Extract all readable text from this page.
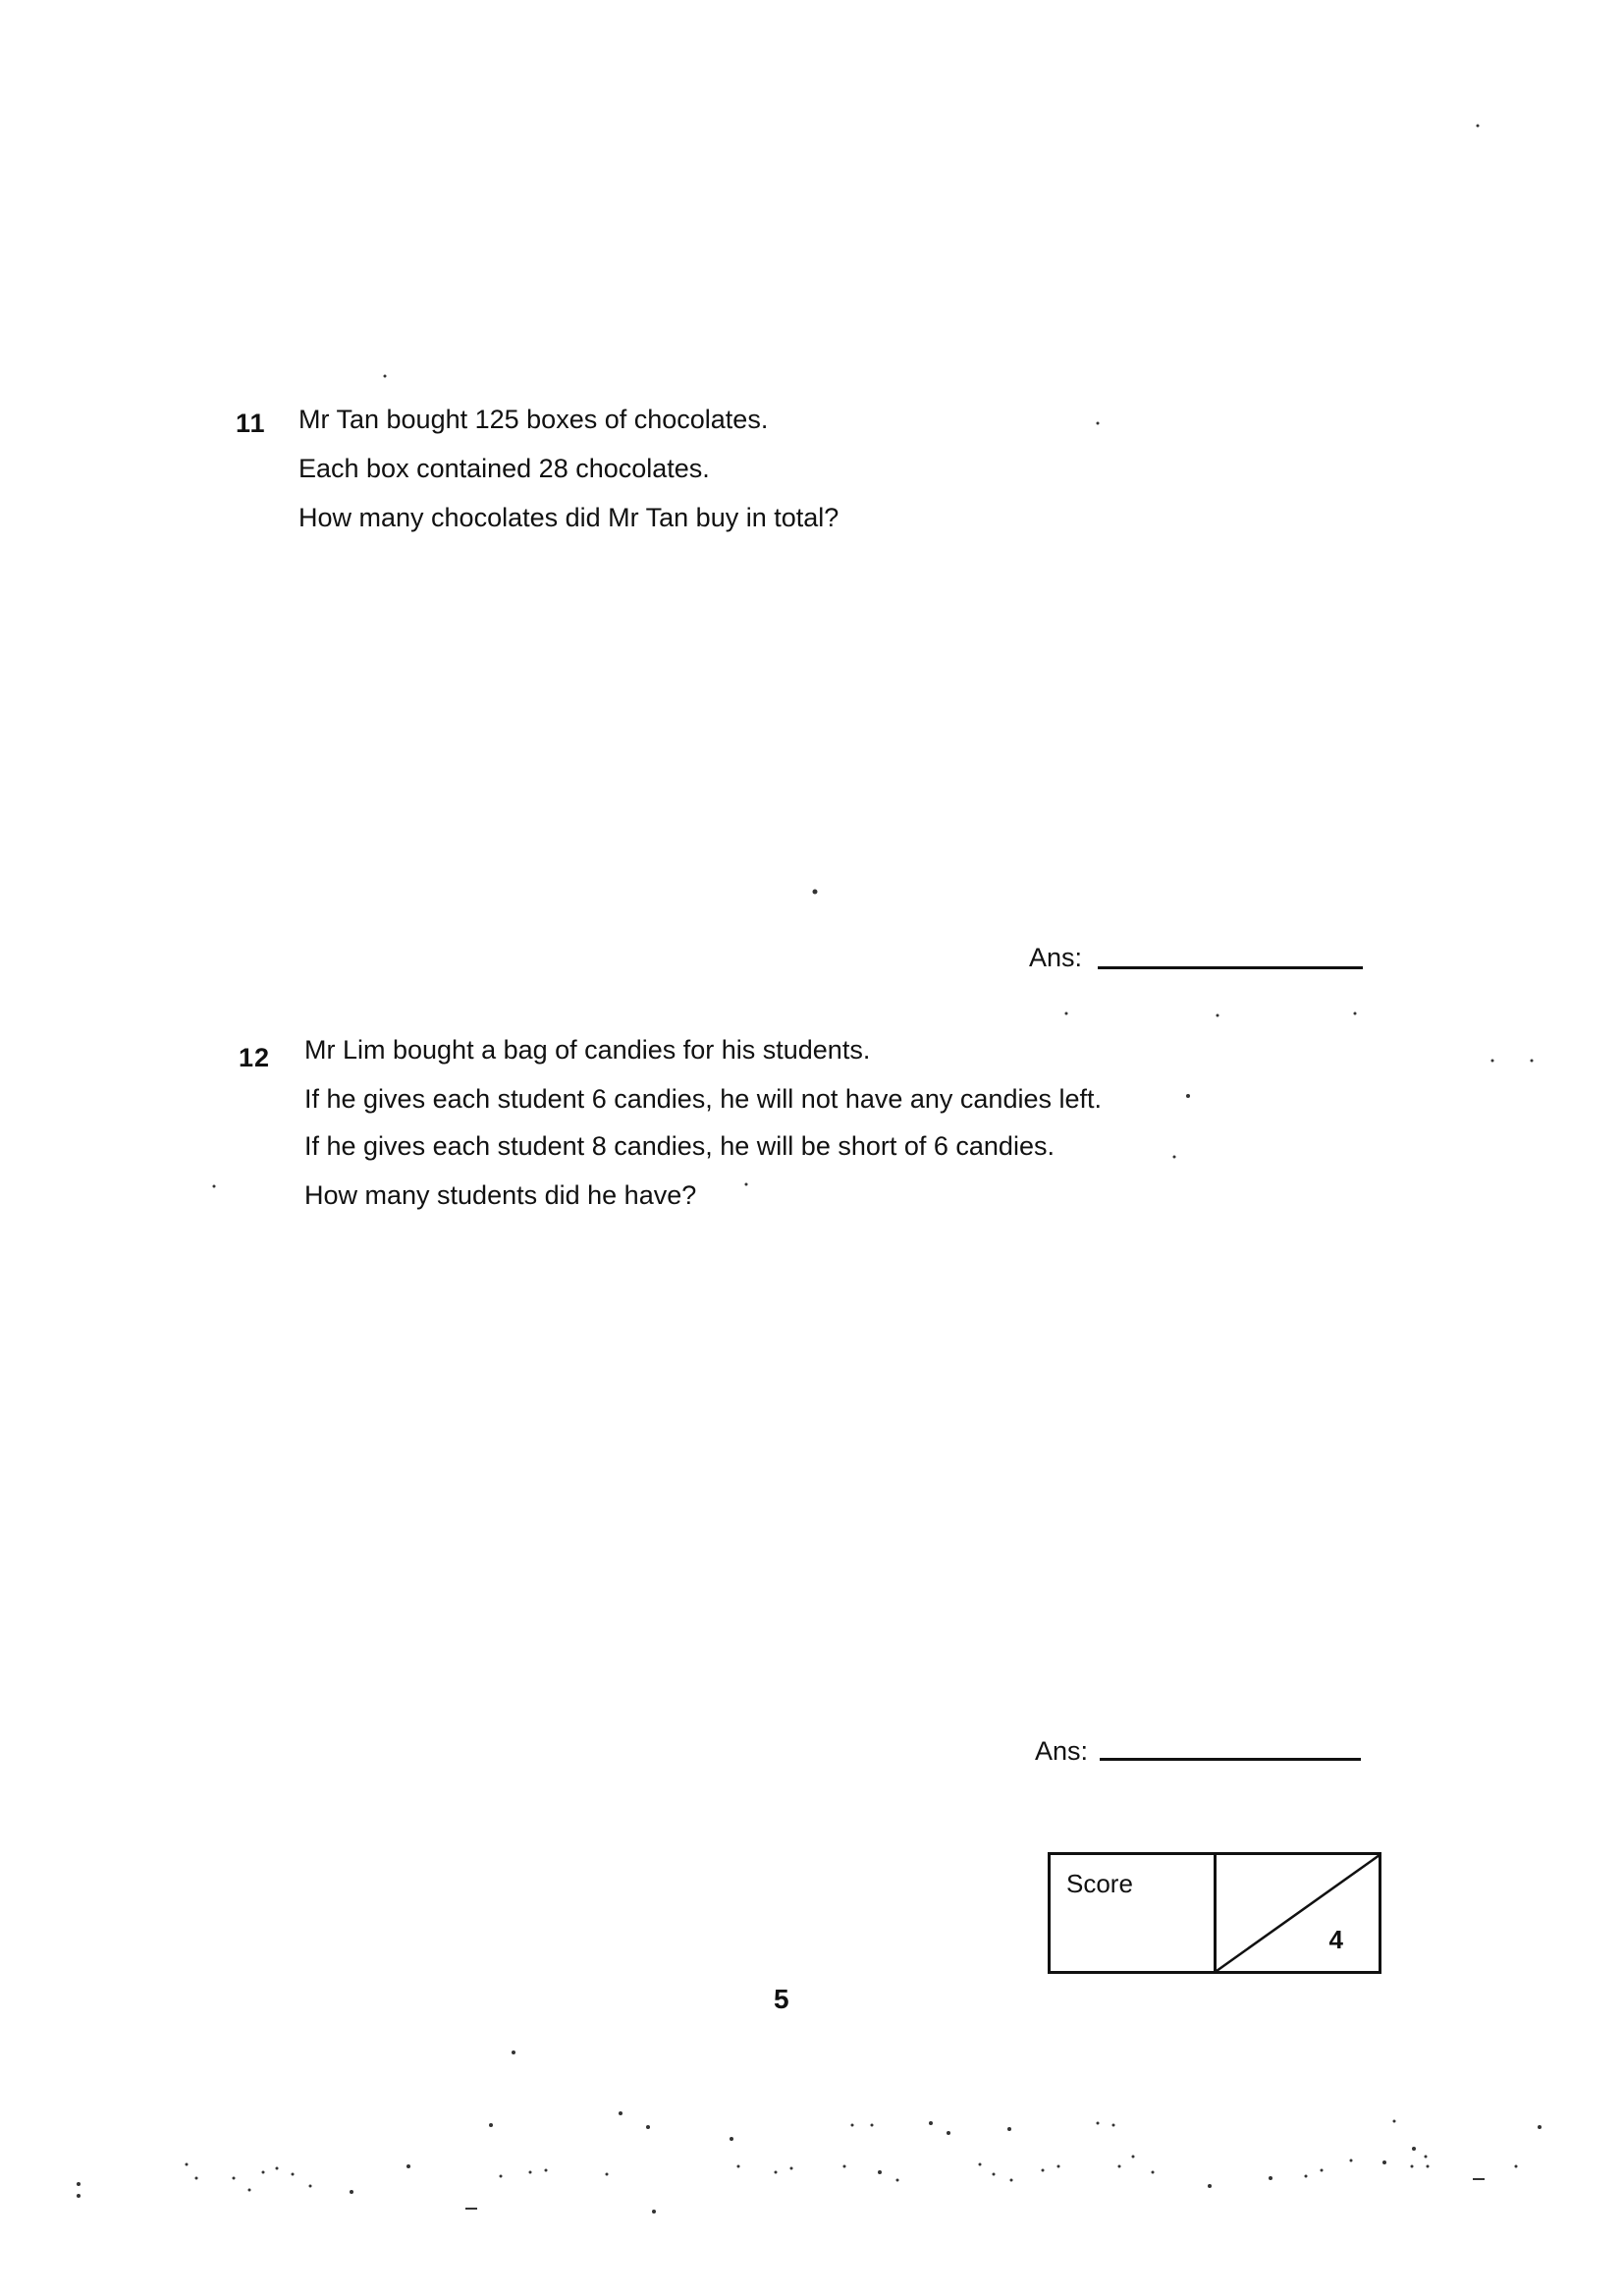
11 Mr Tan bought 125 boxes of chocolates.
Each box contained 28 chocolates.
How many chocolates did Mr Tan buy in total?
Ans:
12 Mr Lim bought a bag of candies for his students.
If he gives each student 6 candies, he will not have any candies left.
If he gives each student 8 candies, he will be short of 6 candies.
How many students did he have?
Ans:
Score
4
5
